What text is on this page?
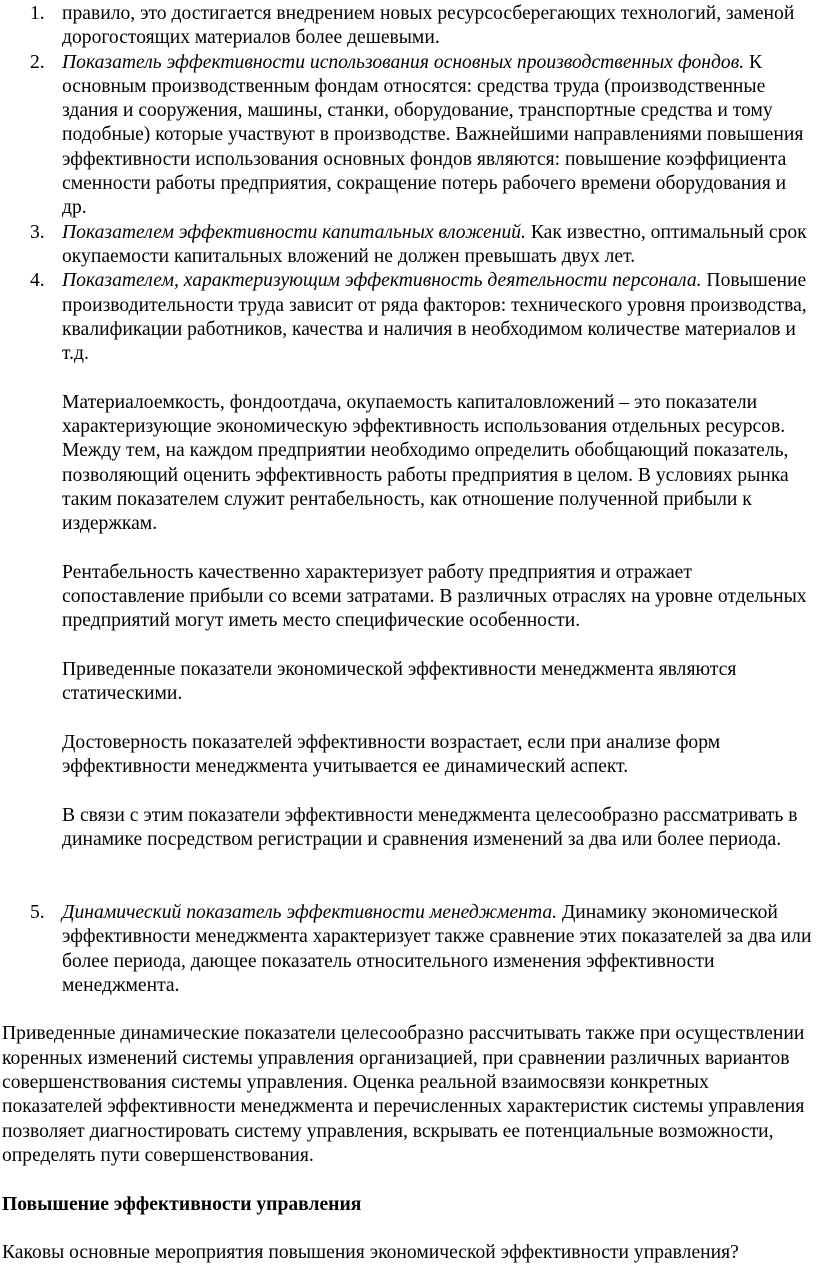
1. правило, это достигается внедрением новых ресурсосберегающих технологий, заменой дорогостоящих материалов более дешевыми.

2. Показатель эффективности использования основных производственных фондов. К основным производственным фондам относятся: средства труда (производственные здания и сооружения, машины, станки, оборудование, транспортные средства и тому подобные) которые участвуют в производстве. Важнейшими направлениями повышения эффективности использования основных фондов являются: повышение коэффициента сменности работы предприятия, сокращение потерь рабочего времени оборудования и др.

3. Показателем эффективности капитальных вложений. Как известно, оптимальный срок окупаемости капитальных вложений не должен превышать двух лет.

4. Показателем, характеризующим эффективность деятельности персонала. Повышение производительности труда зависит от ряда факторов: технического уровня производства, квалификации работников, качества и наличия в необходимом количестве материалов и т.д.

Материалоемкость, фондоотдача, окупаемость капиталовложений – это показатели характеризующие экономическую эффективность использования отдельных ресурсов. Между тем, на каждом предприятии необходимо определить обобщающий показатель, позволяющий оценить эффективность работы предприятия в целом. В условиях рынка таким показателем служит рентабельность, как отношение полученной прибыли к издержкам.

Рентабельность качественно характеризует работу предприятия и отражает сопоставление прибыли со всеми затратами. В различных отраслях на уровне отдельных предприятий могут иметь место специфические особенности.

Приведенные показатели экономической эффективности менеджмента являются статическими.

Достоверность показателей эффективности возрастает, если при анализе форм эффективности менеджмента учитывается ее динамический аспект.

В связи с этим показатели эффективности менеджмента целесообразно рассматривать в динамике посредством регистрации и сравнения изменений за два или более периода.

5. Динамический показатель эффективности менеджмента. Динамику экономической эффективности менеджмента характеризует также сравнение этих показателей за два или более периода, дающее показатель относительного изменения эффективности менеджмента.

Приведенные динамические показатели целесообразно рассчитывать также при осуществлении коренных изменений системы управления организацией, при сравнении различных вариантов совершенствования системы управления. Оценка реальной взаимосвязи конкретных показателей эффективности менеджмента и перечисленных характеристик системы управления позволяет диагностировать систему управления, вскрывать ее потенциальные возможности, определять пути совершенствования.

Повышение эффективности управления

Каковы основные мероприятия повышения экономической эффективности управления?
